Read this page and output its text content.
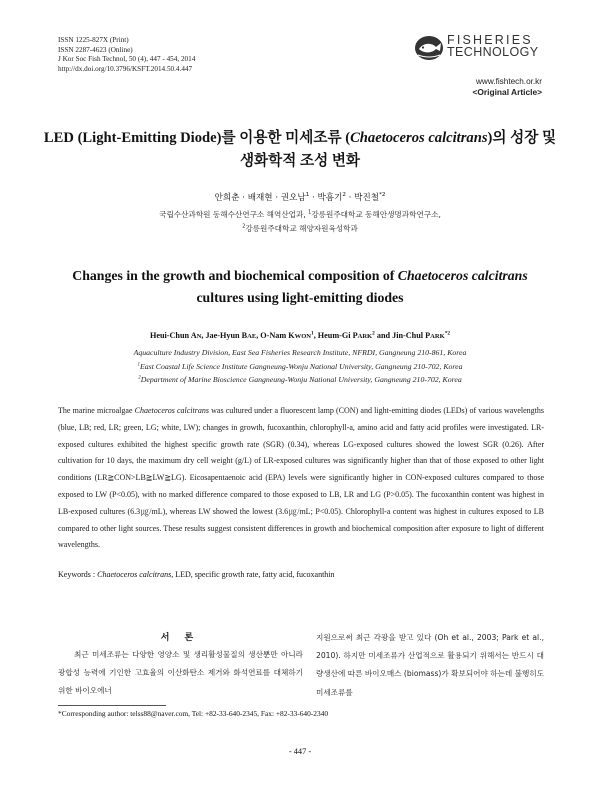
ISSN 1225-827X (Print)
ISSN 2287-4623 (Online)
J Kor Soc Fish Technol, 50 (4), 447 - 454, 2014
http://dx.doi.org/10.3796/KSFT.2014.50.4.447
FISHERIES
TECHNOLOGY
www.fishtech.or.kr
<Original Article>
LED (Light-Emitting Diode)를 이용한 미세조류 (Chaetoceros calcitrans)의 성장 및 생화학적 조성 변화
안희춘 · 배재현 · 권오남$^1$ · 박흠기$^2$ · 박진철$^{*2}$
국립수산과학원 동해수산연구소 해역산업과, $^1$강릉원주대학교 동해안생명과학연구소,
$^2$강릉원주대학교 해양자원육성학과
Changes in the growth and biochemical composition of Chaetoceros calcitrans
cultures using light-emitting diodes
Heui-Chun AN, Jae-Hyun BAE, O-Nam KWON$^1$, Heum-Gi PARK$^2$ and Jin-Chul PARK$^{*2}$
Aquaculture Industry Division, East Sea Fisheries Research Institute, NFRDI, Gangneung 210-861, Korea
$^1$East Coastal Life Science Institute Gangneung-Wonju National University, Gangneung 210-702, Korea
$^2$Department of Marine Bioscience Gangneung-Wonju National University, Gangneung 210-702, Korea
The marine microalgae Chaetoceros calcitrans was cultured under a fluorescent lamp (CON) and light-emitting diodes (LEDs) of various wavelengths (blue, LB; red, LR; green, LG; white, LW); changes in growth, fucoxanthin, chlorophyll-a, amino acid and fatty acid profiles were investigated. LR-exposed cultures exhibited the highest specific growth rate (SGR) (0.34), whereas LG-exposed cultures showed the lowest SGR (0.26). After cultivation for 10 days, the maximum dry cell weight (g/L) of LR-exposed cultures was significantly higher than that of those exposed to other light conditions (LR≧CON>LB≧LW≧LG). Eicosapentaenoic acid (EPA) levels were significantly higher in CON-exposed cultures compared to those exposed to LW (P<0.05), with no marked difference compared to those exposed to LB, LR and LG (P>0.05). The fucoxanthin content was highest in LB-exposed cultures (6.3㎍/mL), whereas LW showed the lowest (3.6㎍/mL; P<0.05). Chlorophyll-a content was highest in cultures exposed to LB compared to other light sources. These results suggest consistent differences in growth and biochemical composition after exposure to light of different wavelengths.
Keywords : Chaetoceros calcitrans, LED, specific growth rate, fatty acid, fucoxanthin
서 론

최근 미세조류는 다양한 영양소 및 생리활성물질의 생산뿐만 아니라 광합성 능력에 기인한 고효율의 이산화탄소 제거와 화석연료를 대체하기 위한 바이오에너

지원으로써 최근 각광을 받고 있다 (Oh et al., 2003; Park et al., 2010). 하지만 미세조류가 산업적으로 활용되기 위해서는 반드시 대량생산에 따른 바이오매스 (biomass)가 확보되어야 하는데 불행히도 미세조류를

*Corresponding author: telss88@naver.com, Tel: +82-33-640-2345, Fax: +82-33-640-2340
- 447 -
